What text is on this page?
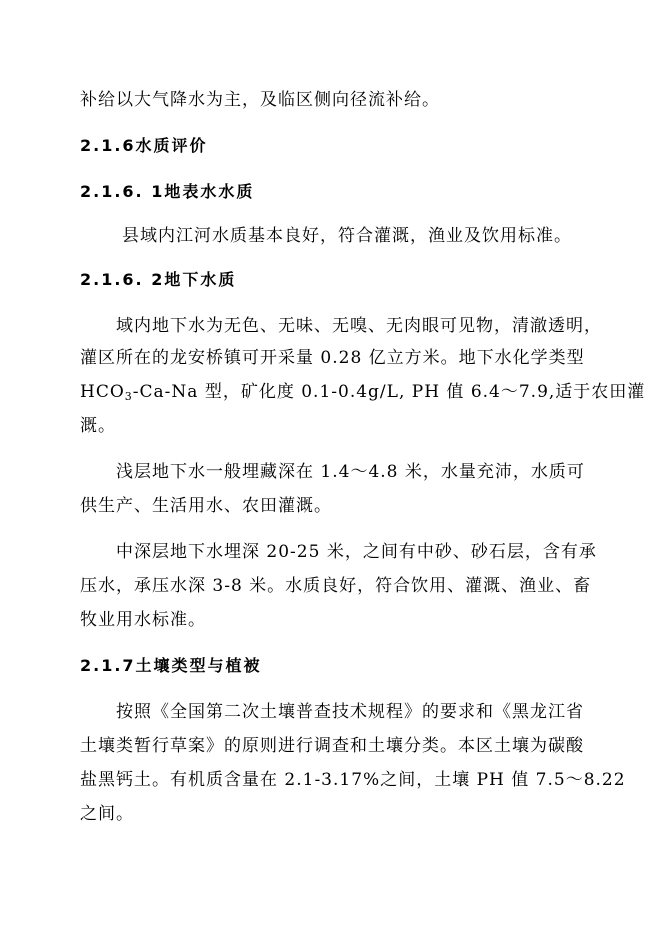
补给以大气降水为主，及临区侧向径流补给。
2.1.6水质评价
2.1.6. 1地表水水质
县域内江河水质基本良好，符合灌溉，渔业及饮用标准。
2.1.6. 2地下水质
域内地下水为无色、无味、无嗅、无肉眼可见物，清澈透明，
灌区所在的龙安桥镇可开采量 0.28 亿立方米。地下水化学类型
$HCO_3-Ca-Na$ 型，矿化度 0.1-0.4g/L, PH 值 6.4～7.9,适于农田灌
溉。
浅层地下水一般埋藏深在 1.4～4.8 米，水量充沛，水质可
供生产、生活用水、农田灌溉。
中深层地下水埋深 20-25 米，之间有中砂、砂石层，含有承
压水，承压水深 3-8 米。水质良好，符合饮用、灌溉、渔业、畜
牧业用水标准。
2.1.7土壤类型与植被
按照《全国第二次土壤普查技术规程》的要求和《黑龙江省
土壤类暂行草案》的原则进行调查和土壤分类。本区土壤为碳酸
盐黑钙土。有机质含量在 2.1-3.17%之间，土壤 PH 值 7.5～8.22
之间。
